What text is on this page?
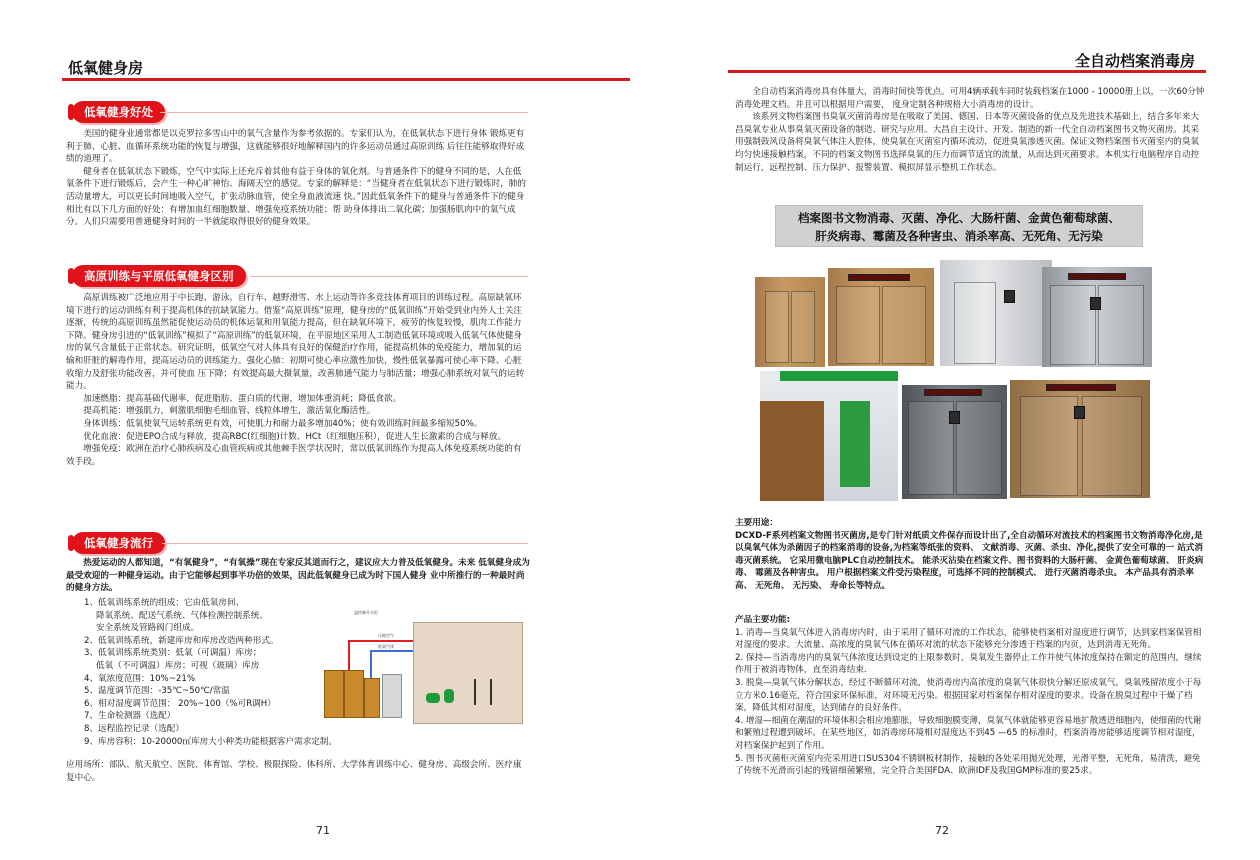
低氧健身房
低氧健身好处

美国的健身业通常都是以克罗拉多雪山中的氧气含量作为参考依据的。专家们认为，在低氧状态下进行身体 锻炼更有利于肺、心脏、血循环系统功能的恢复与增强，这就能够很好地解释国内的许多运动员通过高原训练 后往往能够取得好成绩的道理了。

健身者在低氧状态下锻炼，空气中实际上还充斥着其他有益于身体的氧化剂。与普通条件下的健身不同的是，人在低氧条件下进行锻炼后，会产生一种心旷神怡、海阔天空的感觉。专家的解释是：“当健身者在低氧状态下进行锻炼时，肺的活动量增大，可以更长时间地吸入空气，扩张动脉血管，使全身血液流速 快。”因此低氧条件下的健身与普通条件下的健身相比有以下几方面的好处：有增加血红细胞数量、增强免疫系统功能；帮 助身体排出二氧化碳；加强肠肌肉中的氧气成分。人们只需要用普通健身时间的一半就能取得很好的健身效果。

高原训练与平原低氧健身区别

高原训练被广泛地应用于中长跑、游泳、自行车、越野滑雪、水上运动等许多竞技体育项目的训练过程。高原缺氧环境下进行的运动训练有利于提高机体的抗缺氧能力。借鉴“高原训练”原理，健身房的“低氧训练”开始受到业内外人士关注逐渐，传统的高原训练虽然能促使运动员的机体运氧和用氧能力提高，但在缺氧环境下，疲劳的恢复较慢，肌肉工作能力下降。健身房引进的“低氧训练”模拟了“高原训练”的低氧环境，在平原地区采用人工制造低氧环境或吸入低氧气体使健身房的氧气含量低于正常状态。研究证明，低氧空气对人体具有良好的保健治疗作用，能提高机体的免疫能力，增加氧的运输和肝脏的解毒作用，提高运动员的训练能力。强化心肺：初期可使心率应激性加快，慢性低氧暴露可使心率下降、心脏收缩力及舒张功能改善，并可使血 压下降；有效提高最大摄氧量，改善肺通气能力与肺活量；增强心肺系统对氧气的运转能力。

加速燃脂：提高基础代谢率，促进脂肪、蛋白质的代谢，增加体重消耗；降低食欲。

提高机能：增强肌力，刺激肌细胞毛细血管、线粒体增生，激活氧化酶活性。

身体训练：低氧使氧气运转系统更有效，可使肌力和耐力最多增加40%；使有效训练时间最多缩短50%。

优化血液：促进EPO合成与释放，提高RBC(红细胞)计数、HCt（红细胞压积），促进人生长激素的合成与释放。

增强免疫：欧洲在治疗心肺疾病及心血管疾病或其他棘手医学状况时，常以低氧训练作为提高人体免疫系统功能的有效手段。

低氧健身流行

热爱运动的人都知道，“有氧健身”，“有氧操”现在专家反其道而行之，建议应大力普及低氧健身。未来 低氧健身成为最受欢迎的一种健身运动。由于它能够起到事半功倍的效果，因此低氧健身已成为时下国人健身 业中所推行的一种最时尚的健身方法。

1、低氧训练系统的组成：它由低氧房间、

降氧系统、配送气系统、气体检测控制系统、

安全系统及管路阀门组成。

2、低氧训练系统，新建库房和库房改造两种形式。

3、低氧训练系统类别：低氧（可调温）库房；

低氧（不可调温）库房；可视（玻璃）库房

4、氧浓度范围：10%~21%

5、温度调节范围：-35℃~50℃/常温

6、相对湿度调节范围： 20%~100（%可R调H）

7、生命检测器（选配）

8、远程监控记录（选配）

9、库房容积：10-20000㎡库房大小种类功能根据客户需求定制。

应用场所：部队、航天航空、医院、体育馆、学校、极限探险、体科所、大学体育训练中心、健身房、高级会所、医疗康复中心。

盖控制开关柜
压缩空气
低氧气体
71
全自动档案消毒房

全自动档案消毒房具有体量大，消毒时间快等优点。可用4辆承载车同时装载档案在1000 - 10000册上以，一次60分钟消毒处理文档。并且可以根据用户需要， 度身定制各种规格大小消毒房的设计。

该系列文物档案图书臭氧灭菌消毒房是在吸取了美国、德国、日本等灭菌设备的优点及先进技术基础上，结合多年来大昌臭氧专业从事臭氧灭菌设备的制造、研究与应用。大昌自主设计、开发、制造的新一代全自动档案图书文物灭菌房。其采用强制鼓风设备将臭氧气体注入腔体，使臭氧在灭菌室内循环流动，促进臭氧渗透灭菌。保证文物档案图书灭菌室内的臭氧均匀快速接触档案，不同的档案文物图书选择臭氧的压力而调节适宜的流量，从而达到灭菌要求。本机实行电脑程序自动控制运行，远程控制、压力保护、报警装置、模拟屏显示整机工作状态。

档案图书文物消毒、灭菌、净化、大肠杆菌、金黄色葡萄球菌、
肝炎病毒、霉菌及各种害虫、消杀率高、无死角、无污染

主要用途：

DCXD-F系列档案文物图书灭菌房,是专门针对纸质文件保存而设计出了,全自动循环对流技术的档案图书文物消毒净化房,是以臭氧气体为杀菌因子的档案消毒的设备,为档案等纸张的资料、 文献消毒、灭菌、杀虫、净化,提供了安全可靠的一 站式消毒灭菌系统。 它采用微电脑PLC自动控制技术。 能杀灭沾染在档案文件、图书资料的大肠杆菌、 金黄色葡萄球菌、 肝炎病毒、 霉菌及各种害虫。 用户根据档案文件受污染程度，可选择不同的控制模式、 进行灭菌消毒杀虫。 本产品具有消杀率高、 无死角、 无污染、 寿命长等特点。

产品主要功能:

1. 消毒—当臭氧气体进入消毒房内时，由于采用了循环对流的工作状态，能够使档案相对湿度进行调节，达到家档案保管相对湿度的要求。大流量、高浓度的臭氧气体在循环对流的状态下能够充分渗透于档案的内页，达到消毒无死角。

2. 保持—当消毒房内的臭氧气体浓度达到设定的上限参数时，臭氧发生器停止工作并使气体浓度保持在额定的范围内，继续作用于被消毒物体，直至消毒结束.

3. 脱臭—臭氧气体分解状态，经过不断循环对流，使消毒房内高浓度的臭氧气体很快分解还原成氧气，臭氧残留浓度小于每立方米0.16毫克，符合国家环保标准，对环境无污染。根据国家对档案保存相对湿度的要求。设备在脱臭过程中干燥了档案，降低其相对湿度，达到储存的良好条件。

4. 增湿—细菌在潮湿的环境体积会相应地膨胀，导致细胞膜变薄，臭氧气体就能够更容易地扩散透进细胞内，使细菌的代谢和繁殖过程遭到破坏。在某些地区，如消毒房环境相对湿度达不到45 —65 的标准时，档案消毒房能够适度调节相对湿度，对档案保护起到了作用。

5. 图书灭菌柜灭菌室内壳采用进口SUS304不锈钢板材制作，接触的各处采用抛光处理，光滑平整，无死角，易清洗，避免了传统不光滑而引起的残留细菌繁殖，完全符合美国FDA、欧洲IDF及我国GMP标准的要25求。

72
